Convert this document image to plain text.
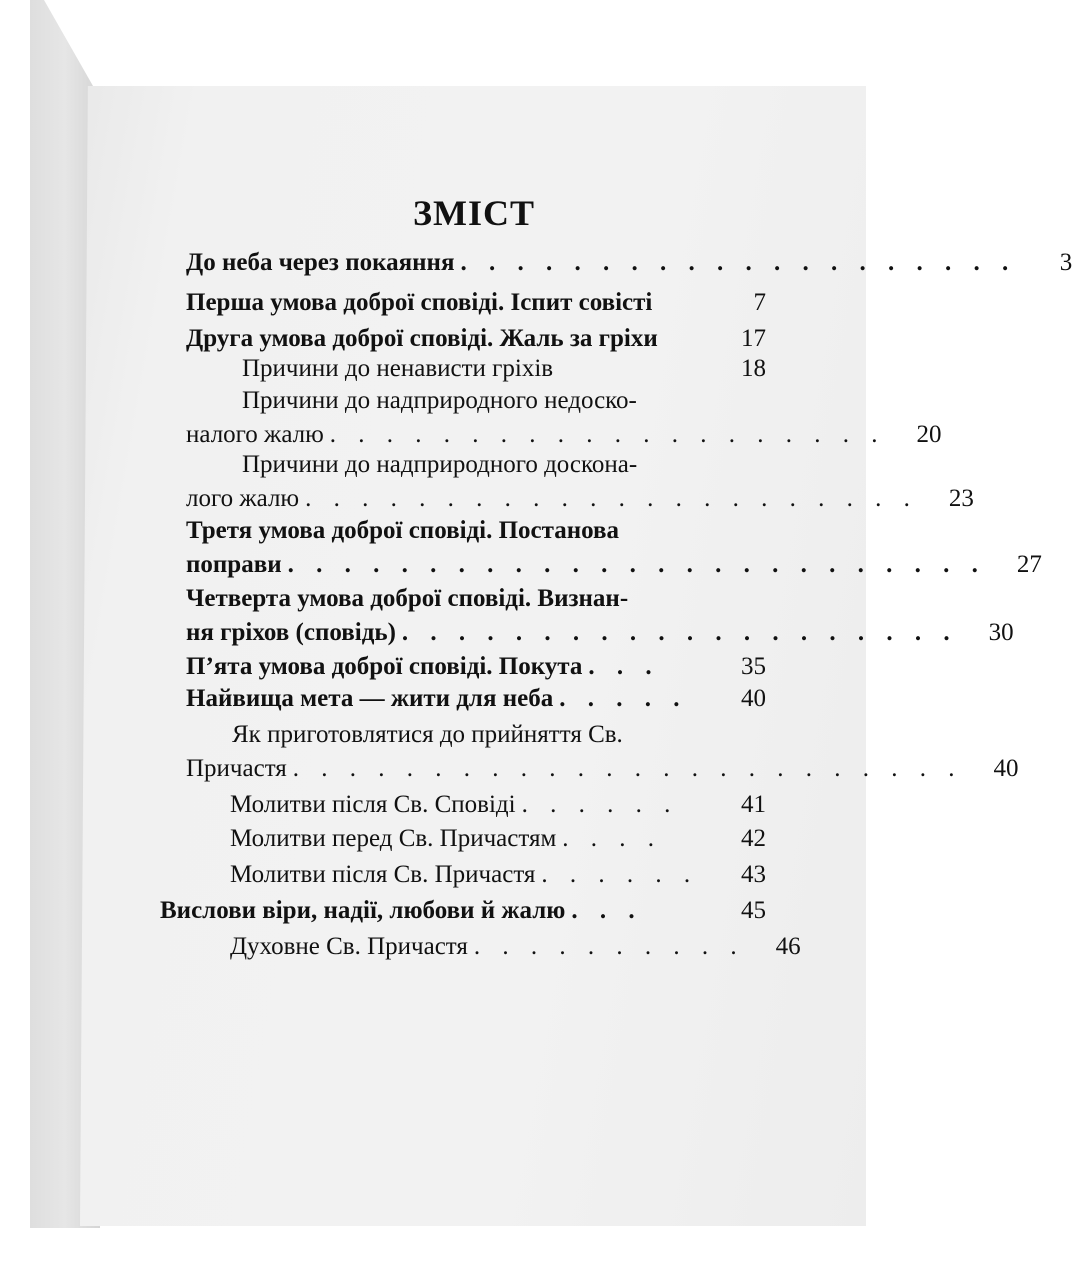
ЗМІСТ
До неба через покаяння . . . . . . . . . . . . . . . . . . . .	3
Перша умова доброї сповіді. Іспит совісті	7
Друга умова доброї сповіді. Жаль за гріхи	17
Причини до ненависти гріхів	18
Причини до надприродного недоско-
налого жалю . . . . . . . . . . . . . . . . . . . .	20
Причини до надприродного доскона-
лого жалю . . . . . . . . . . . . . . . . . . . . . .	23
Третя умова доброї сповіді. Постанова
поправи . . . . . . . . . . . . . . . . . . . . . . . . .	27
Четверта умова доброї сповіді. Визнан-
ня гріхов (сповідь) . . . . . . . . . . . . . . . . . . . .	30
П’ята умова доброї сповіді. Покута . . .	35
Найвища мета — жити для неба . . . . .	40
Як приготовлятися до прийняття Св.
Причастя . . . . . . . . . . . . . . . . . . . . . . . .	40
Молитви після Св. Сповіді . . . . . .	41
Молитви перед Св. Причастям . . . .	42
Молитви після Св. Причастя . . . . . .	43
Вислови віри, надії, любови й жалю . . .	45
Духовне Св. Причастя . . . . . . . . . .	46
